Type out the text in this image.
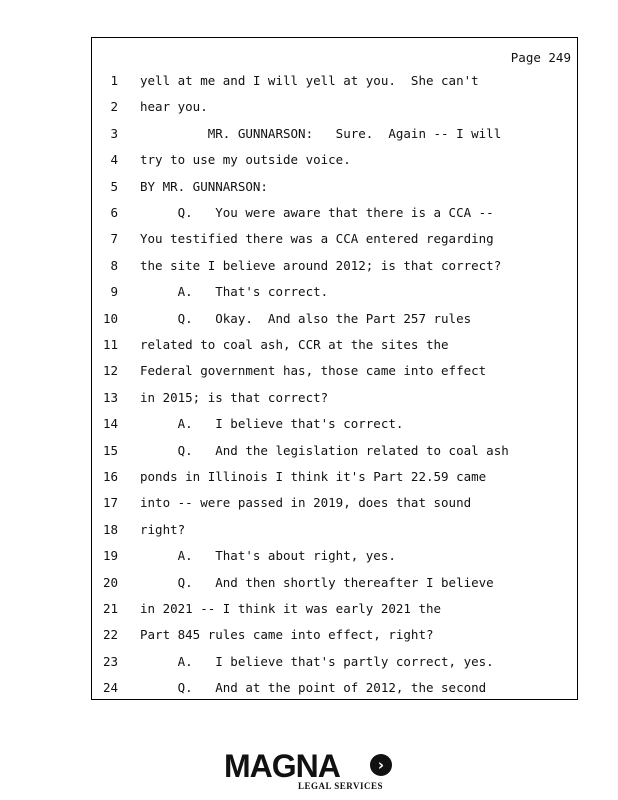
Page 249
1 yell at me and I will yell at you.  She can't
2 hear you.
3 MR. GUNNARSON:   Sure.  Again -- I will
4 try to use my outside voice.
5 BY MR. GUNNARSON:
6 Q.   You were aware that there is a CCA --
7 You testified there was a CCA entered regarding
8 the site I believe around 2012; is that correct?
9 A.   That's correct.
10 Q.   Okay.  And also the Part 257 rules
11 related to coal ash, CCR at the sites the
12 Federal government has, those came into effect
13 in 2015; is that correct?
14 A.   I believe that's correct.
15 Q.   And the legislation related to coal ash
16 ponds in Illinois I think it's Part 22.59 came
17 into -- were passed in 2019, does that sound
18 right?
19 A.   That's about right, yes.
20 Q.   And then shortly thereafter I believe
21 in 2021 -- I think it was early 2021 the
22 Part 845 rules came into effect, right?
23 A.   I believe that's partly correct, yes.
24 Q.   And at the point of 2012, the second
MAGNA	›
LEGAL SERVICES
